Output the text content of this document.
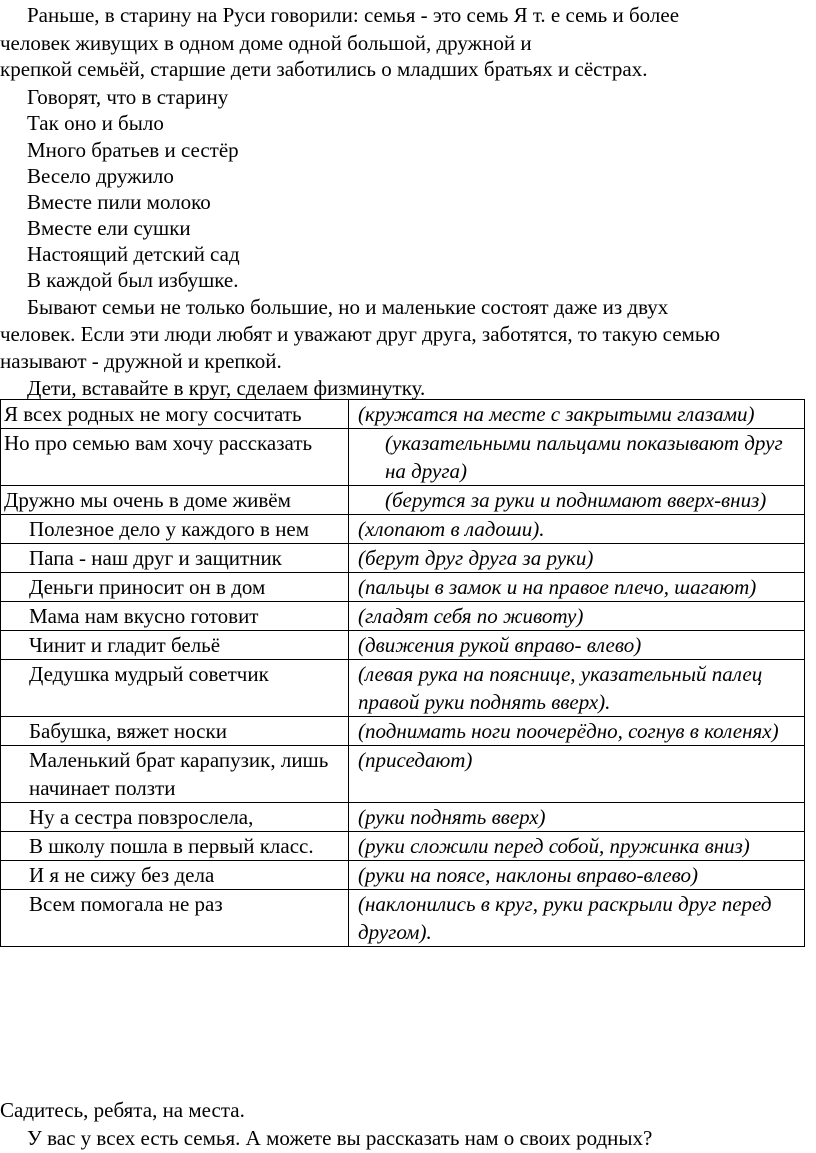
Раньше, в старину на Руси говорили: семья - это семь Я т. е семь и более
человек живущих в одном доме одной большой, дружной и
крепкой семьёй, старшие дети заботились о младших братьях и сёстрах.
Говорят, что в старину
Так оно и было
Много братьев и сестёр
Весело дружило
Вместе пили молоко
Вместе ели сушки
Настоящий детский сад
В каждой был избушке.
Бывают семьи не только большие, но и маленькие состоят даже из двух
человек. Если эти люди любят и уважают друг друга, заботятся, то такую семью
называют - дружной и крепкой.
Дети, вставайте в круг, сделаем физминутку.
Я всех родных не могу сосчитать	(кружатся на месте с закрытыми глазами)

Но про семью вам хочу рассказать	(указательными пальцами показывают друг на друга)

Дружно мы очень в доме живём	(берутся за руки и поднимают вверх-вниз)

Полезное дело у каждого в нем	(хлопают в ладоши).

Папа - наш друг и защитник	(берут друг друга за руки)

Деньги приносит он в дом	(пальцы в замок и на правое плечо, шагают)

Мама нам вкусно готовит	(гладят себя по животу)

Чинит и гладит бельё	(движения рукой вправо- влево)

Дедушка мудрый советчик	(левая рука на пояснице, указательный палец правой руки поднять вверх).

Бабушка, вяжет носки	(поднимать ноги поочерёдно, согнув в коленях)

Маленький брат карапузик, лишь начинает ползти	(приседают)

Ну а сестра повзрослела,	(руки поднять вверх)

В школу пошла в первый класс.	(руки сложили перед собой, пружинка вниз)

И я не сижу без дела	(руки на поясе, наклоны вправо-влево)

Всем помогала не раз	(наклонились в круг, руки раскрыли друг перед другом).
Садитесь, ребята, на места.
У вас у всех есть семья. А можете вы рассказать нам о своих родных?
